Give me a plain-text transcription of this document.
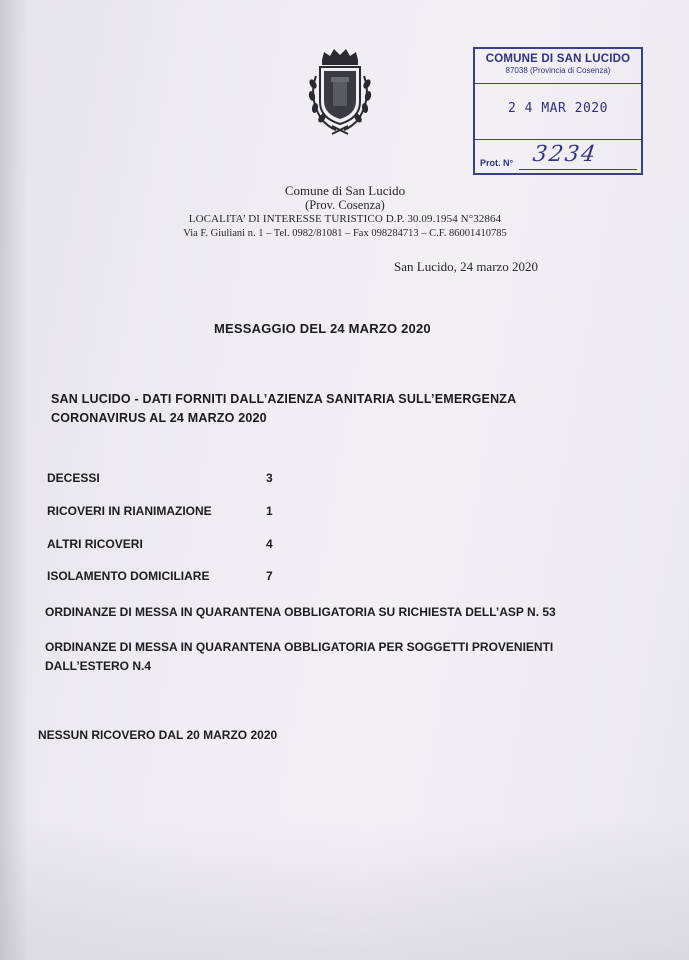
COMUNE DI SAN LUCIDO
87038 (Provincia di Cosenza)
2 4 MAR 2020
Prot. N° 3234
Comune di San Lucido
(Prov. Cosenza)
LOCALITA’ DI INTERESSE TURISTICO D.P. 30.09.1954 N°32864
Via F. Giuliani n. 1 – Tel. 0982/81081 – Fax 098284713 – C.F. 86001410785
San Lucido, 24 marzo 2020
MESSAGGIO DEL 24 MARZO 2020
SAN LUCIDO - DATI FORNITI DALL’AZIENZA SANITARIA SULL’EMERGENZA CORONAVIRUS AL 24 MARZO 2020
DECESSI	3
RICOVERI IN RIANIMAZIONE	1
ALTRI RICOVERI	4
ISOLAMENTO DOMICILIARE	7
ORDINANZE DI MESSA IN QUARANTENA OBBLIGATORIA SU RICHIESTA DELL’ASP N. 53
ORDINANZE DI MESSA IN QUARANTENA OBBLIGATORIA PER SOGGETTI PROVENIENTI DALL’ESTERO N.4
NESSUN RICOVERO DAL 20 MARZO 2020
